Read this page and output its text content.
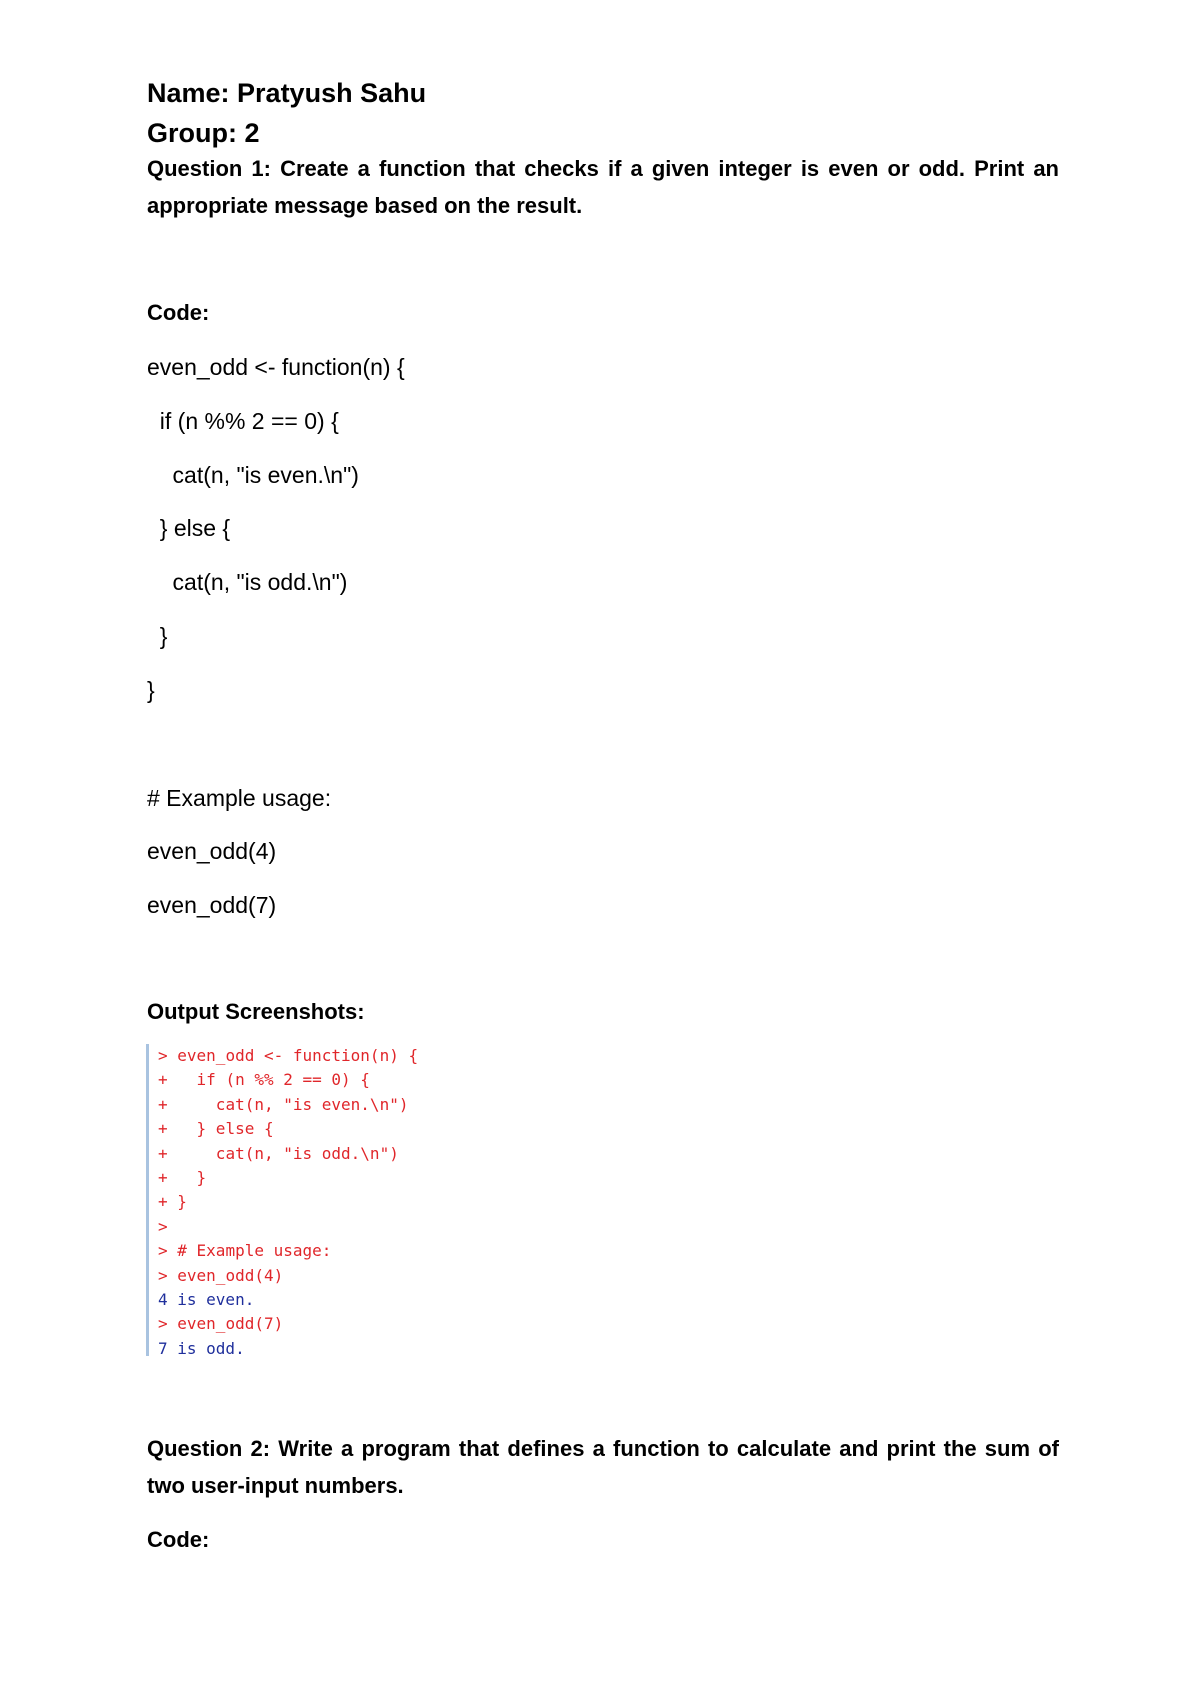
Name: Pratyush Sahu

Group: 2

Question 1: Create a function that checks if a given integer is even or odd. Print an appropriate message based on the result.

Code:

even_odd <- function(n) {

if (n %% 2 == 0) {

cat(n, "is even.\n")

} else {

cat(n, "is odd.\n")

}

}

# Example usage:

even_odd(4)

even_odd(7)

Output Screenshots:

> even_odd <- function(n) {
+   if (n %% 2 == 0) {
+     cat(n, "is even.\n")
+   } else {
+     cat(n, "is odd.\n")
+   }
+ }
>
> # Example usage:
> even_odd(4)
4 is even.
> even_odd(7)
7 is odd.

Question 2: Write a program that defines a function to calculate and print the sum of two user-input numbers.

Code:
